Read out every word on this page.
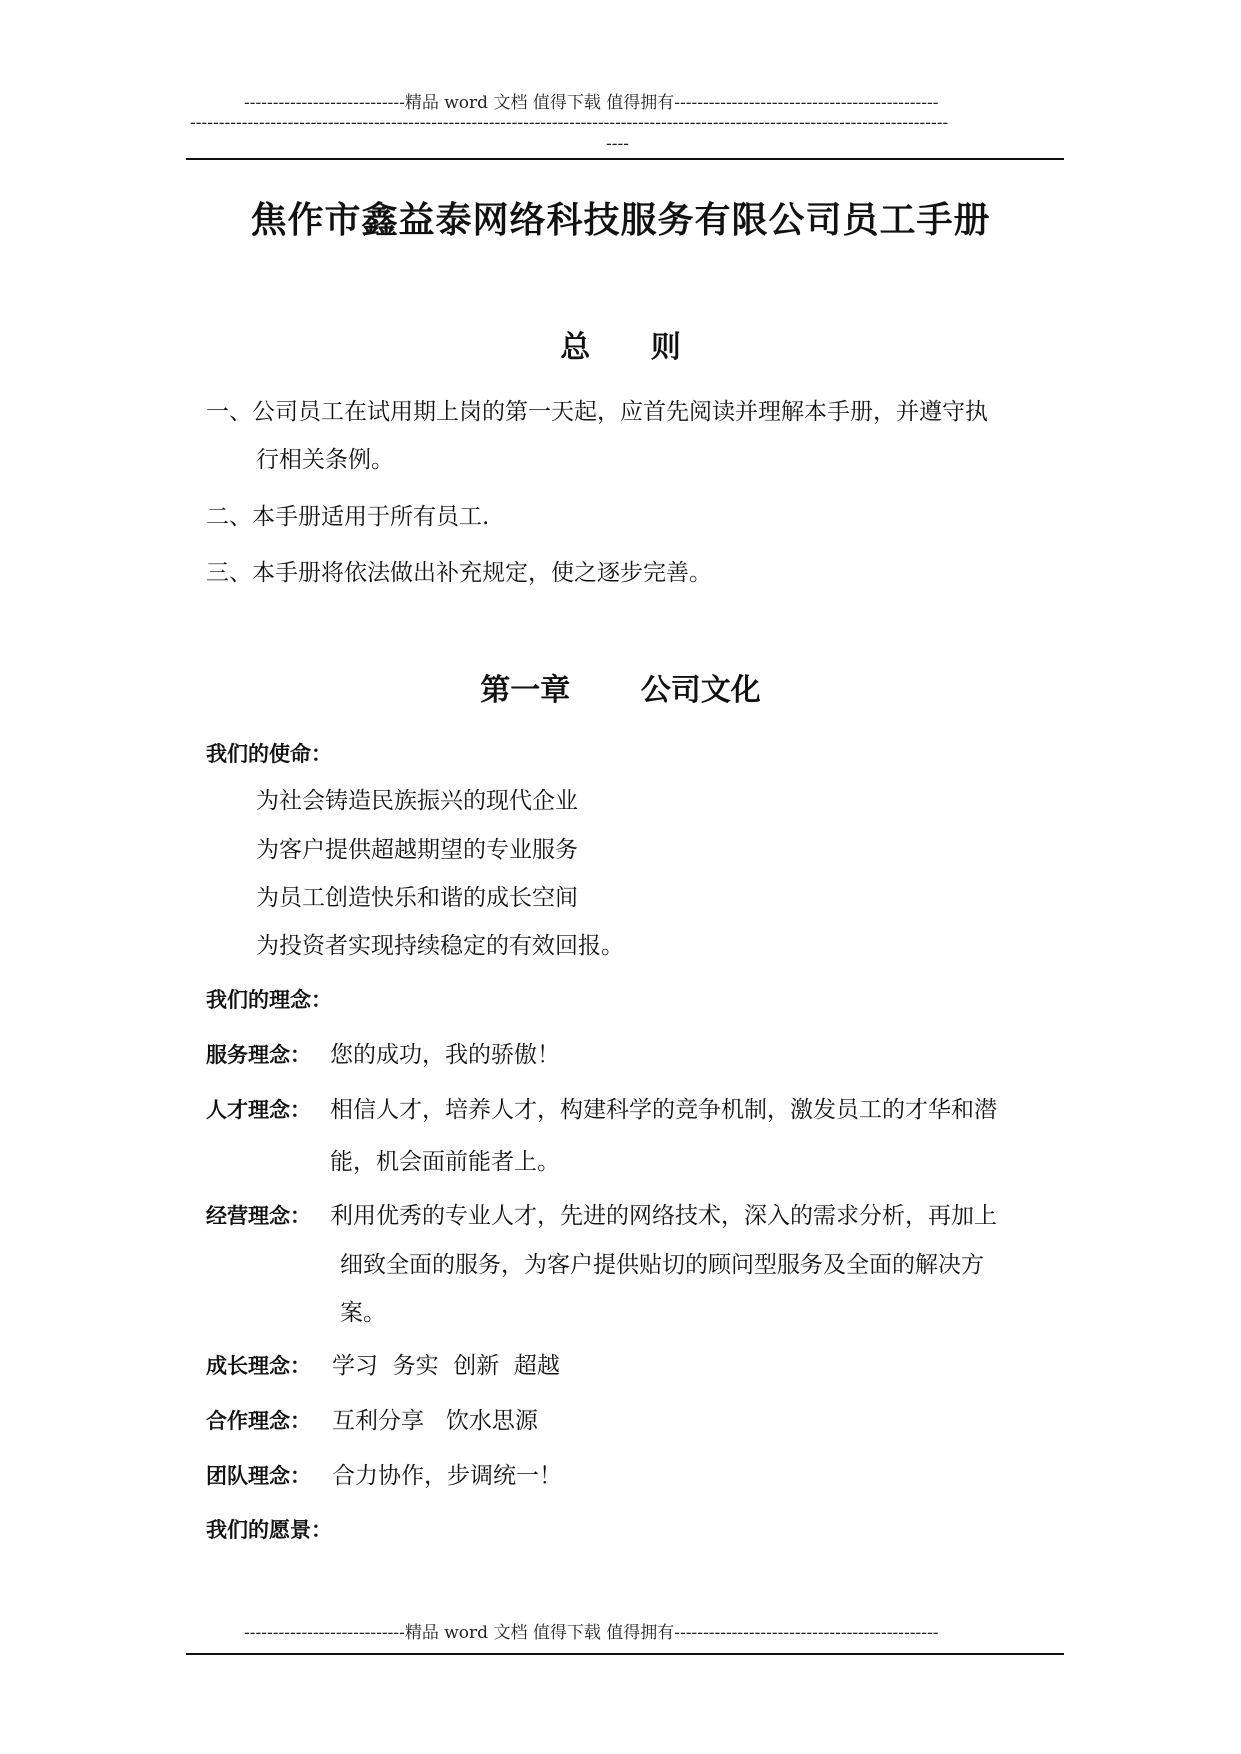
----------------------------精品 word 文档 值得下载 值得拥有----------------------------------------------
------------------------------------------------------------------------------------------------------------------------------------
----
焦作市鑫益泰网络科技服务有限公司员工手册
总 则
一、公司员工在试用期上岗的第一天起，应首先阅读并理解本手册，并遵守执
行相关条例。
二、本手册适用于所有员工.
三、本手册将依法做出补充规定，使之逐步完善。
第一章 公司文化
我们的使命：
为社会铸造民族振兴的现代企业
为客户提供超越期望的专业服务
为员工创造快乐和谐的成长空间
为投资者实现持续稳定的有效回报。
我们的理念：
服务理念： 您的成功，我的骄傲！
人才理念： 相信人才，培养人才，构建科学的竞争机制，激发员工的才华和潜
能，机会面前能者上。
经营理念： 利用优秀的专业人才，先进的网络技术，深入的需求分析，再加上
细致全面的服务，为客户提供贴切的顾问型服务及全面的解决方
案。
成长理念： 学习  务实  创新  超越
合作理念： 互利分享   饮水思源
团队理念： 合力协作，步调统一！
我们的愿景：
----------------------------精品 word 文档 值得下载 值得拥有----------------------------------------------
